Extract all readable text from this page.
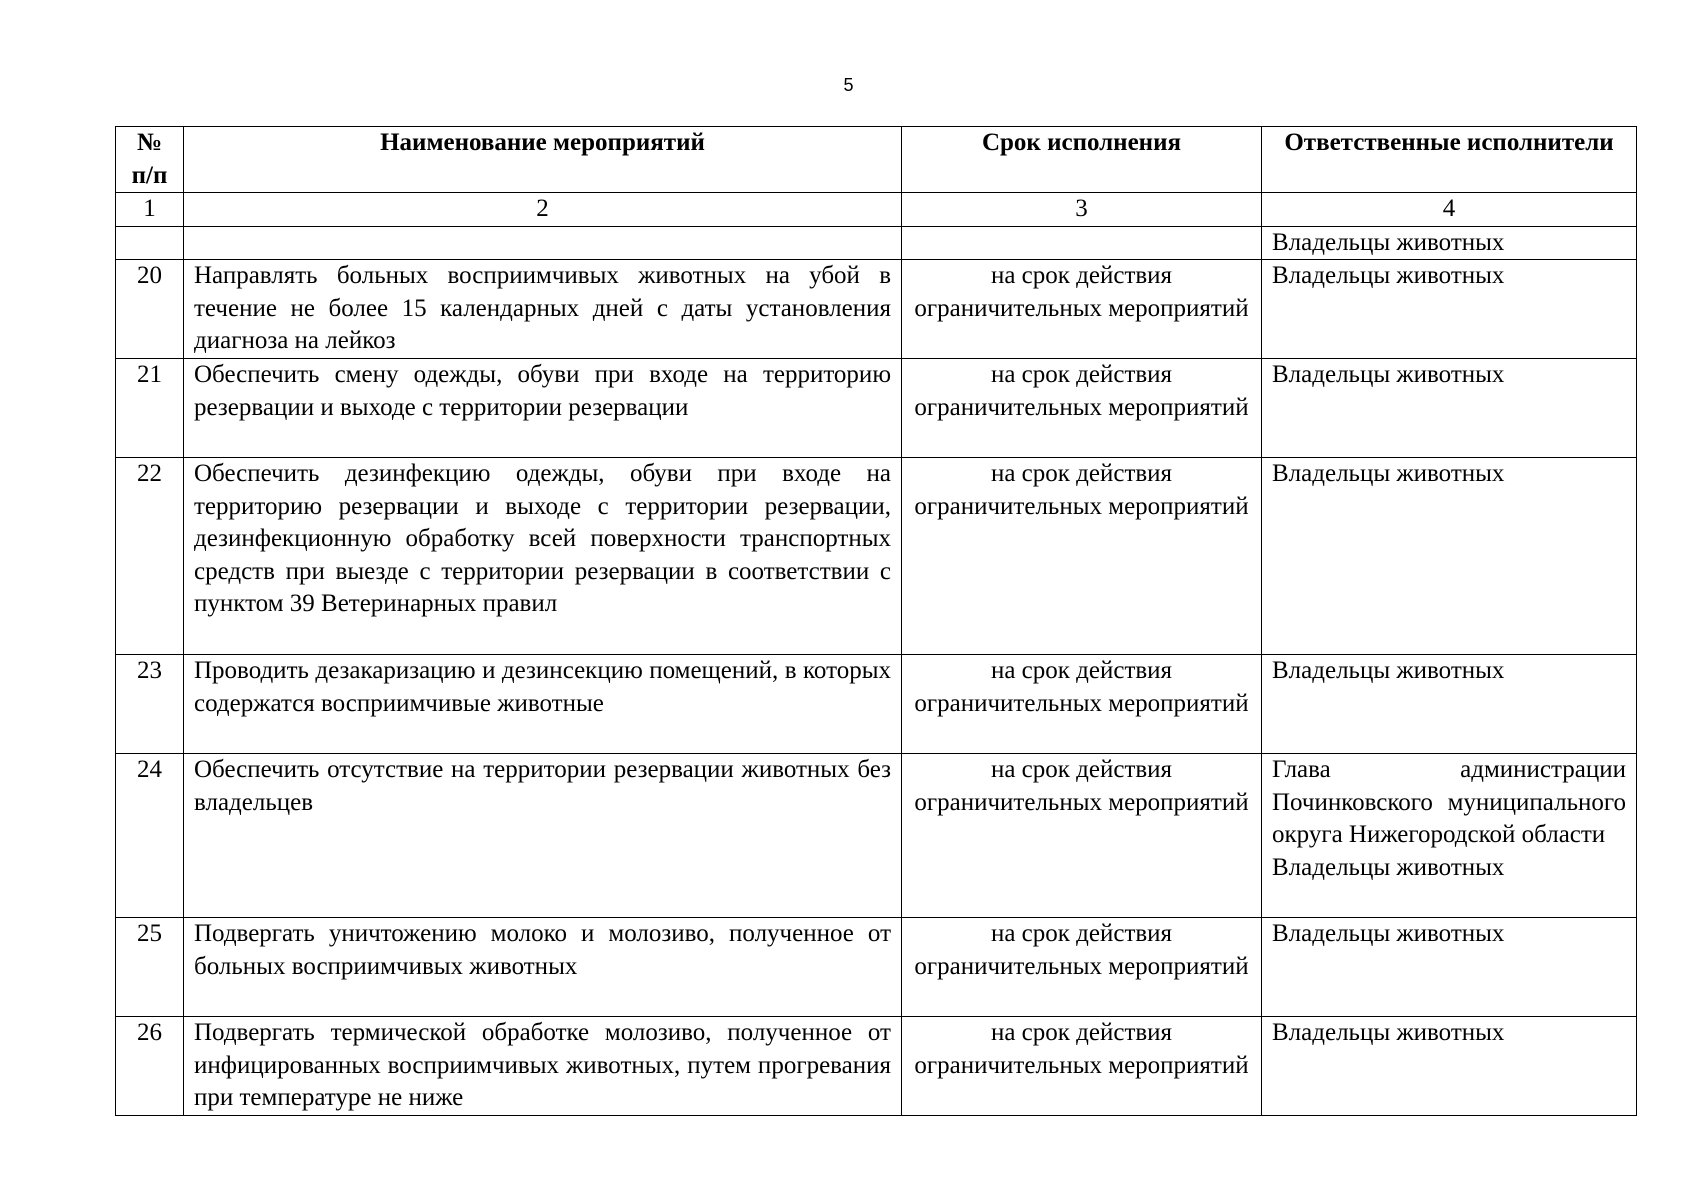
5
№ п/п	Наименование мероприятий	Срок исполнения	Ответственные исполнители
1	2	3	4
			Владельцы животных
20	Направлять больных восприимчивых животных на убой в течение не более 15 календарных дней с даты установления диагноза на лейкоз	на срок действия ограничительных мероприятий	Владельцы животных
21	Обеспечить смену одежды, обуви при входе на территорию резервации и выходе с территории резервации	на срок действия ограничительных мероприятий	Владельцы животных
22	Обеспечить дезинфекцию одежды, обуви при входе на территорию резервации и выходе с территории резервации, дезинфекционную обработку всей поверхности транспортных средств при выезде с территории резервации в соответствии с пунктом 39 Ветеринарных правил	на срок действия ограничительных мероприятий	Владельцы животных
23	Проводить дезакаризацию и дезинсекцию помещений, в которых содержатся восприимчивые животные	на срок действия ограничительных мероприятий	Владельцы животных
24	Обеспечить отсутствие на территории резервации животных без владельцев	на срок действия ограничительных мероприятий	Глава администрации Починковского муниципального округа Нижегородской области
Владельцы животных

25	Подвергать уничтожению молоко и молозиво, полученное от больных восприимчивых животных	на срок действия ограничительных мероприятий	Владельцы животных
26	Подвергать термической обработке молозиво, полученное от инфицированных восприимчивых животных, путем прогревания при температуре не ниже	на срок действия ограничительных мероприятий	Владельцы животных
